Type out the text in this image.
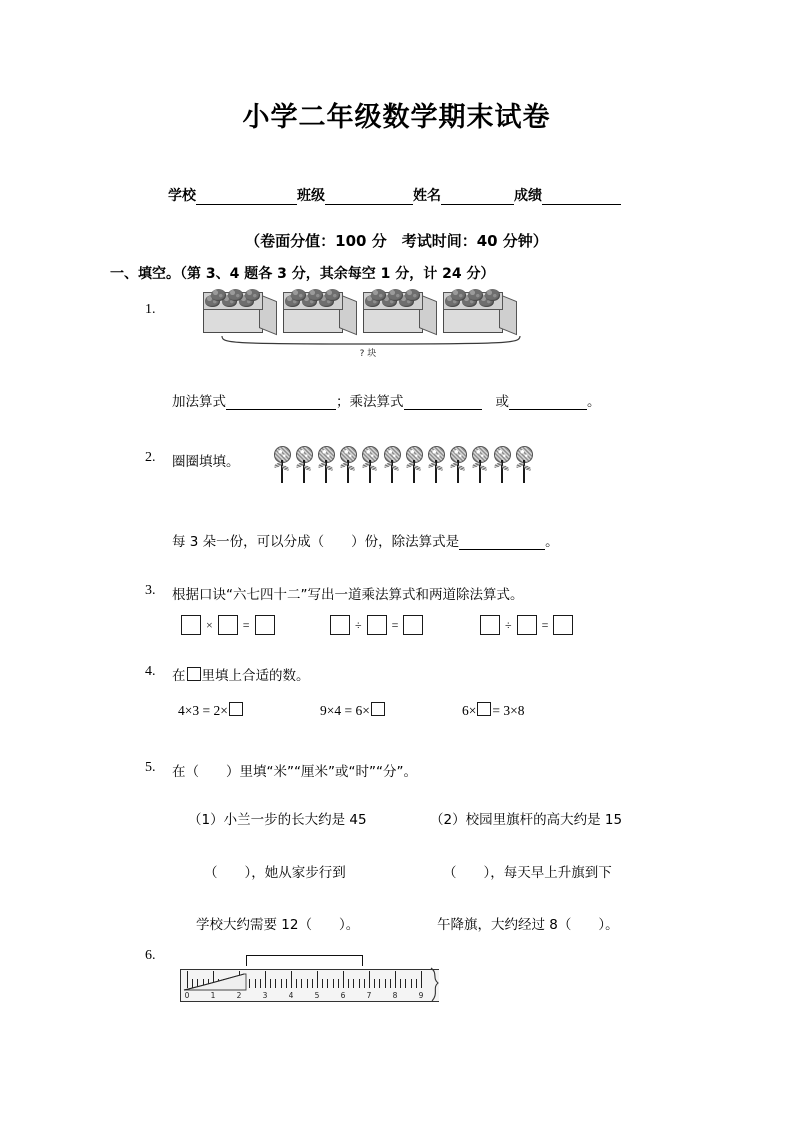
小学二年级数学期末试卷
学校	班级	姓名	成绩
（卷面分值：100 分　考试时间：40 分钟）
一、填空。（第 3、4 题各 3 分，其余每空 1 分，计 24 分）
1.
? 块
加法算式	；乘法算式	或	。
2. 圈圈填填。
每 3 朵一份，可以分成（　　）份，除法算式是	。
3. 根据口诀“六七四十二”写出一道乘法算式和两道除法算式。
×	=	÷	=	÷	=
4. 在 里填上合适的数。
4×3 = 2×	9×4 = 6×	6× = 3×8
5. 在（　　）里填“米”“厘米”或“时”“分”。
（1）小兰一步的长大约是 45	（2）校园里旗杆的高大约是 15
（　　），她从家步行到	（　　），每天早上升旗到下
学校大约需要 12（　　）。	午降旗，大约经过 8（　　）。
6.
0	1	2	3	4	5	6	7	8	9
